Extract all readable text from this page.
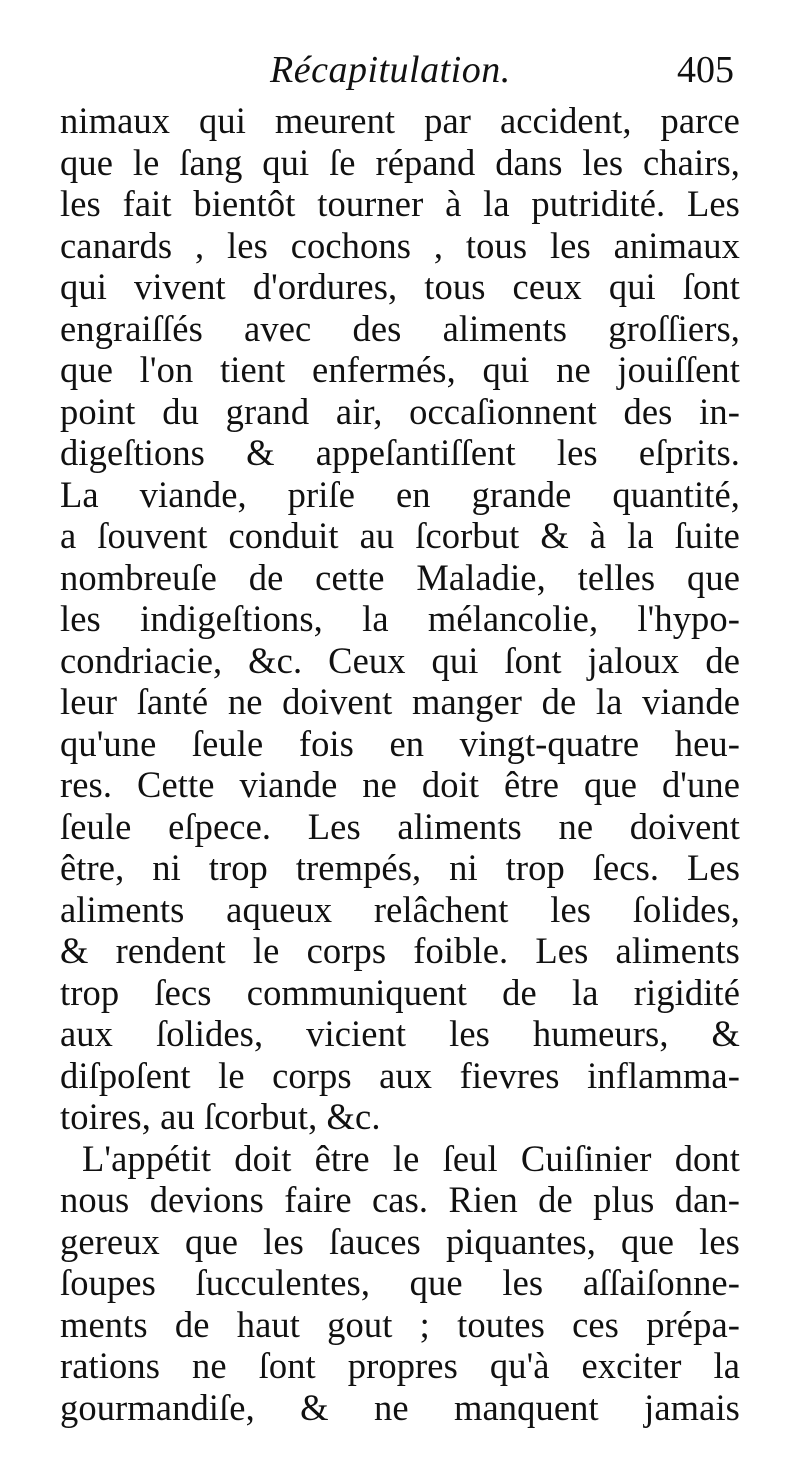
Récapitulation.	405
nimaux qui meurent par accident, parce
que le ſang qui ſe répand dans les chairs,
les fait bientôt tourner à la putridité. Les
canards , les cochons , tous les animaux
qui vivent d'ordures, tous ceux qui ſont
engraiſſés avec des aliments groſſiers,
que l'on tient enfermés, qui ne jouiſſent
point du grand air, occaſionnent des in-
digeſtions & appeſantiſſent les eſprits.
La viande, priſe en grande quantité,
a ſouvent conduit au ſcorbut & à la ſuite
nombreuſe de cette Maladie, telles que
les indigeſtions, la mélancolie, l'hypo-
condriacie, &c. Ceux qui ſont jaloux de
leur ſanté ne doivent manger de la viande
qu'une ſeule fois en vingt-quatre heu-
res. Cette viande ne doit être que d'une
ſeule eſpece. Les aliments ne doivent
être, ni trop trempés, ni trop ſecs. Les
aliments aqueux relâchent les ſolides,
& rendent le corps foible. Les aliments
trop ſecs communiquent de la rigidité
aux ſolides, vicient les humeurs, &
diſpoſent le corps aux fievres inflamma-
toires, au ſcorbut, &c.
L'appétit doit être le ſeul Cuiſinier dont
nous devions faire cas. Rien de plus dan-
gereux que les ſauces piquantes, que les
ſoupes ſucculentes, que les aſſaiſonne-
ments de haut gout ; toutes ces prépa-
rations ne ſont propres qu'à exciter la
gourmandiſe, & ne manquent jamais
